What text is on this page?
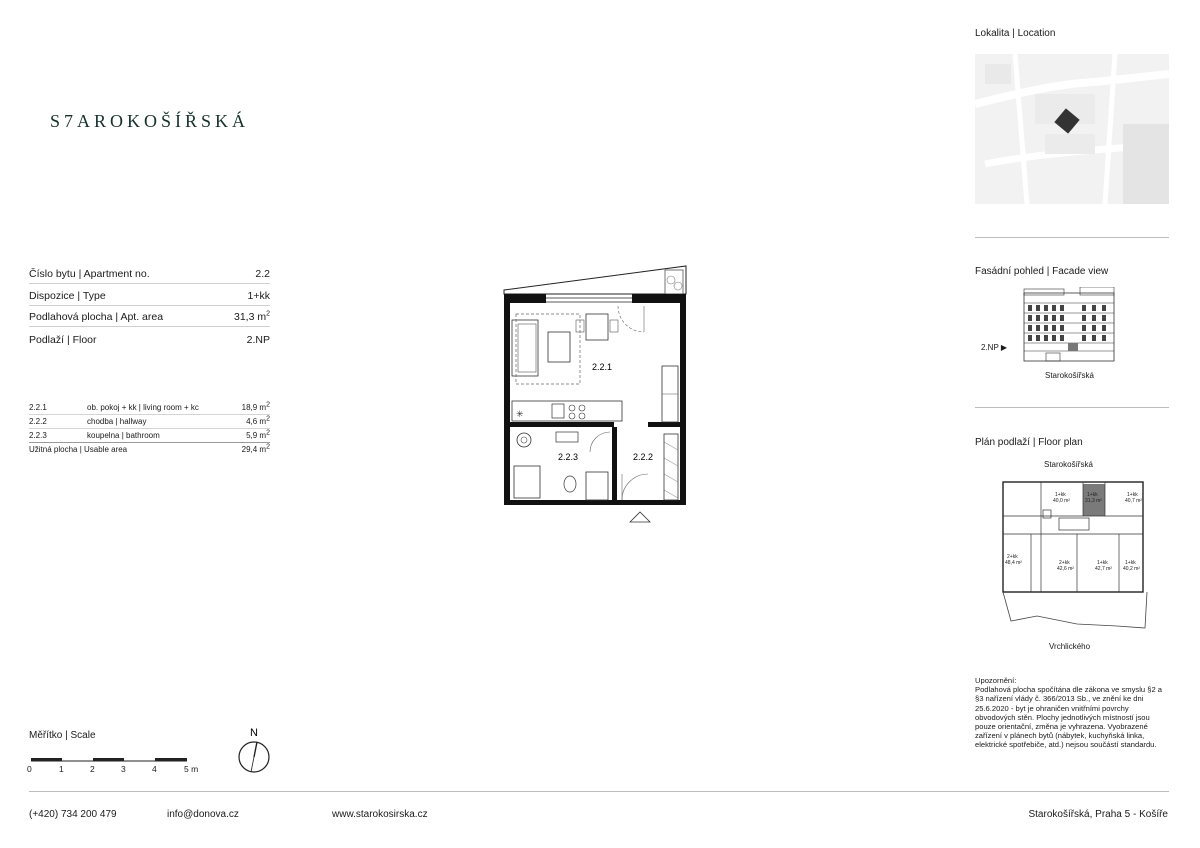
S7AROKOŠÍŘSKÁ
Číslo bytu | Apartment no.	2.2
Dispozice | Type	1+kk
Podlahová plocha | Apt. area	31,3 $m^2$
Podlaží | Floor	2.NP
2.2.1	ob. pokoj + kk | living room + kc	18,9 $m^2$
2.2.2	chodba | hallway	4,6 $m^2$
2.2.3	koupelna | bathroom	5,9 $m^2$
Užitná plocha | Usable area	29,4 $m^2$
2.2.1
✳
2.2.3	2.2.2
Měřítko | Scale
0	1	2	3	4	5 m
N
Lokalita | Location
Fasádní pohled | Facade view
2.NP ▶
Starokošířská
Plán podlaží | Floor plan
Starokošířská
1+kk
40,0 m²
1+kk
31,3 m²
1+kk
40,7 m²
2+kk
48,4 m²	2+kk
42,6 m²
1+kk
42,7 m²
1+kk
40,2 m²
Vrchlického
Upozornění:
Podlahová plocha spočítána dle zákona ve smyslu §2 a §3 nařízení vlády č. 366/2013 Sb., ve znění ke dni 25.6.2020 - byt je ohraničen vnitřními povrchy obvodových stěn. Plochy jednotlivých místností jsou pouze orientační, změna je vyhrazena. Vyobrazené zařízení v plánech bytů (nábytek, kuchyňská linka, elektrické spotřebiče, atd.) nejsou součástí standardu.
(+420) 734 200 479	info@donova.cz	www.starokosirska.cz	Starokošířská, Praha 5 - Košíře
